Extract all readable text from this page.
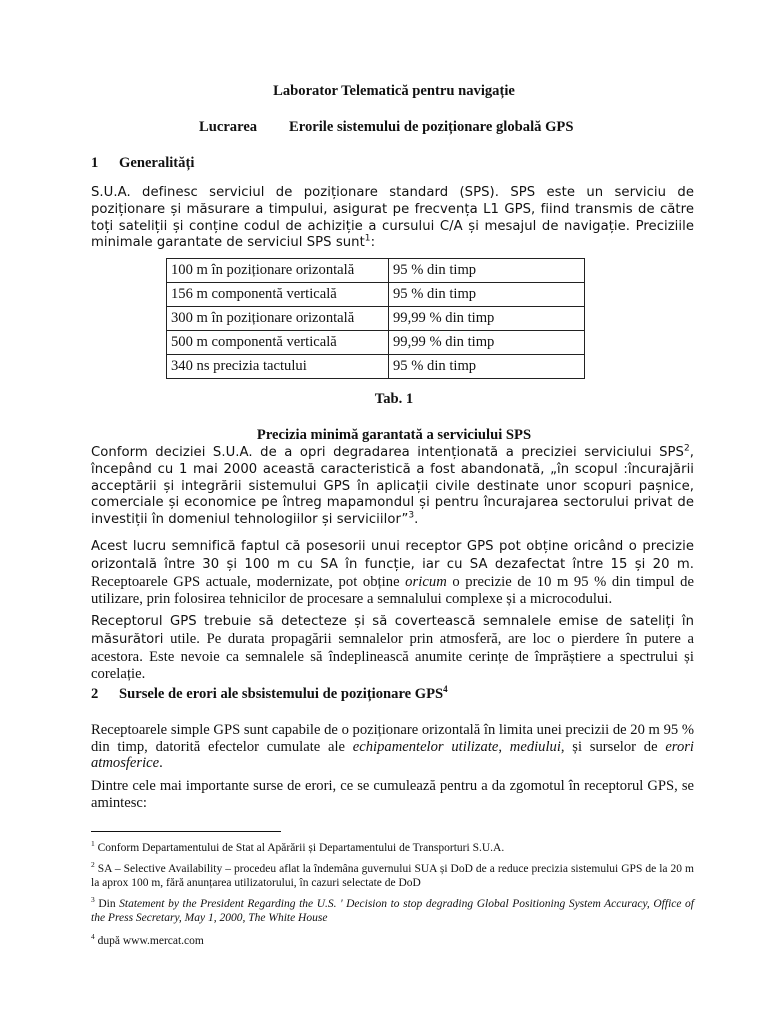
Laborator Telematică pentru navigație
Lucrarea Erorile sistemului de poziționare globală GPS
1 Generalități

S.U.A. definesc serviciul de poziționare standard (SPS). SPS este un serviciu de poziționare și măsurare a timpului, asigurat pe frecvența L1 GPS, fiind transmis de către toți sateliții și conține codul de achiziție a cursului C/A și mesajul de navigație. Preciziile minimale garantate de serviciul SPS sunt$^1$:

100 m în poziționare orizontală	95 % din timp
156 m componentă verticală	95 % din timp
300 m în poziționare orizontală	99,99 % din timp
500 m componentă verticală	99,99 % din timp
340 ns precizia tactului	95 % din timp
Tab. 1
Precizia minimă garantată a serviciului SPS

Conform deciziei S.U.A. de a opri degradarea intenționată a preciziei serviciului SPS$^2$, începând cu 1 mai 2000 această caracteristică a fost abandonată, „în scopul :încurajării acceptării și integrării sistemului GPS în aplicații civile destinate unor scopuri pașnice, comerciale și economice pe întreg mapamondul și pentru încurajarea sectorului privat de investiții în domeniul tehnologiilor și serviciilor”$^3$.

Acest lucru semnifică faptul că posesorii unui receptor GPS pot obține oricând o precizie orizontală între 30 și 100 m cu SA în funcție, iar cu SA dezafectat între 15 și 20 m. Receptoarele GPS actuale, modernizate, pot obține oricum o precizie de 10 m 95 % din timpul de utilizare, prin folosirea tehnicilor de procesare a semnalului complexe și a microcodului.

Receptorul GPS trebuie să detecteze și să covertească semnalele emise de sateliți în măsurători utile. Pe durata propagării semnalelor prin atmosferă, are loc o pierdere în putere a acestora. Este nevoie ca semnalele să îndeplinească anumite cerințe de împrăștiere a spectrului și corelație.

2 Sursele de erori ale sbsistemului de poziționare GPS$^4$

Receptoarele simple GPS sunt capabile de o poziționare orizontală în limita unei precizii de 20 m 95 % din timp, datorită efectelor cumulate ale echipamentelor utilizate, mediului, și surselor de erori atmosferice.

Dintre cele mai importante surse de erori, ce se cumulează pentru a da zgomotul în receptorul GPS, se amintesc:

$^1$ Conform Departamentului de Stat al Apărării și Departamentului de Transporturi S.U.A.

$^2$ SA – Selective Availability – procedeu aflat la îndemâna guvernului SUA și DoD de a reduce precizia sistemului GPS de la 20 m la aprox 100 m, fără anunțarea utilizatorului, în cazuri selectate de DoD

$^3$ Din Statement by the President Regarding the U.S. ' Decision to stop degrading Global Positioning System Accuracy, Office of the Press Secretary, May 1, 2000, The White House

$^4$ după www.mercat.com
